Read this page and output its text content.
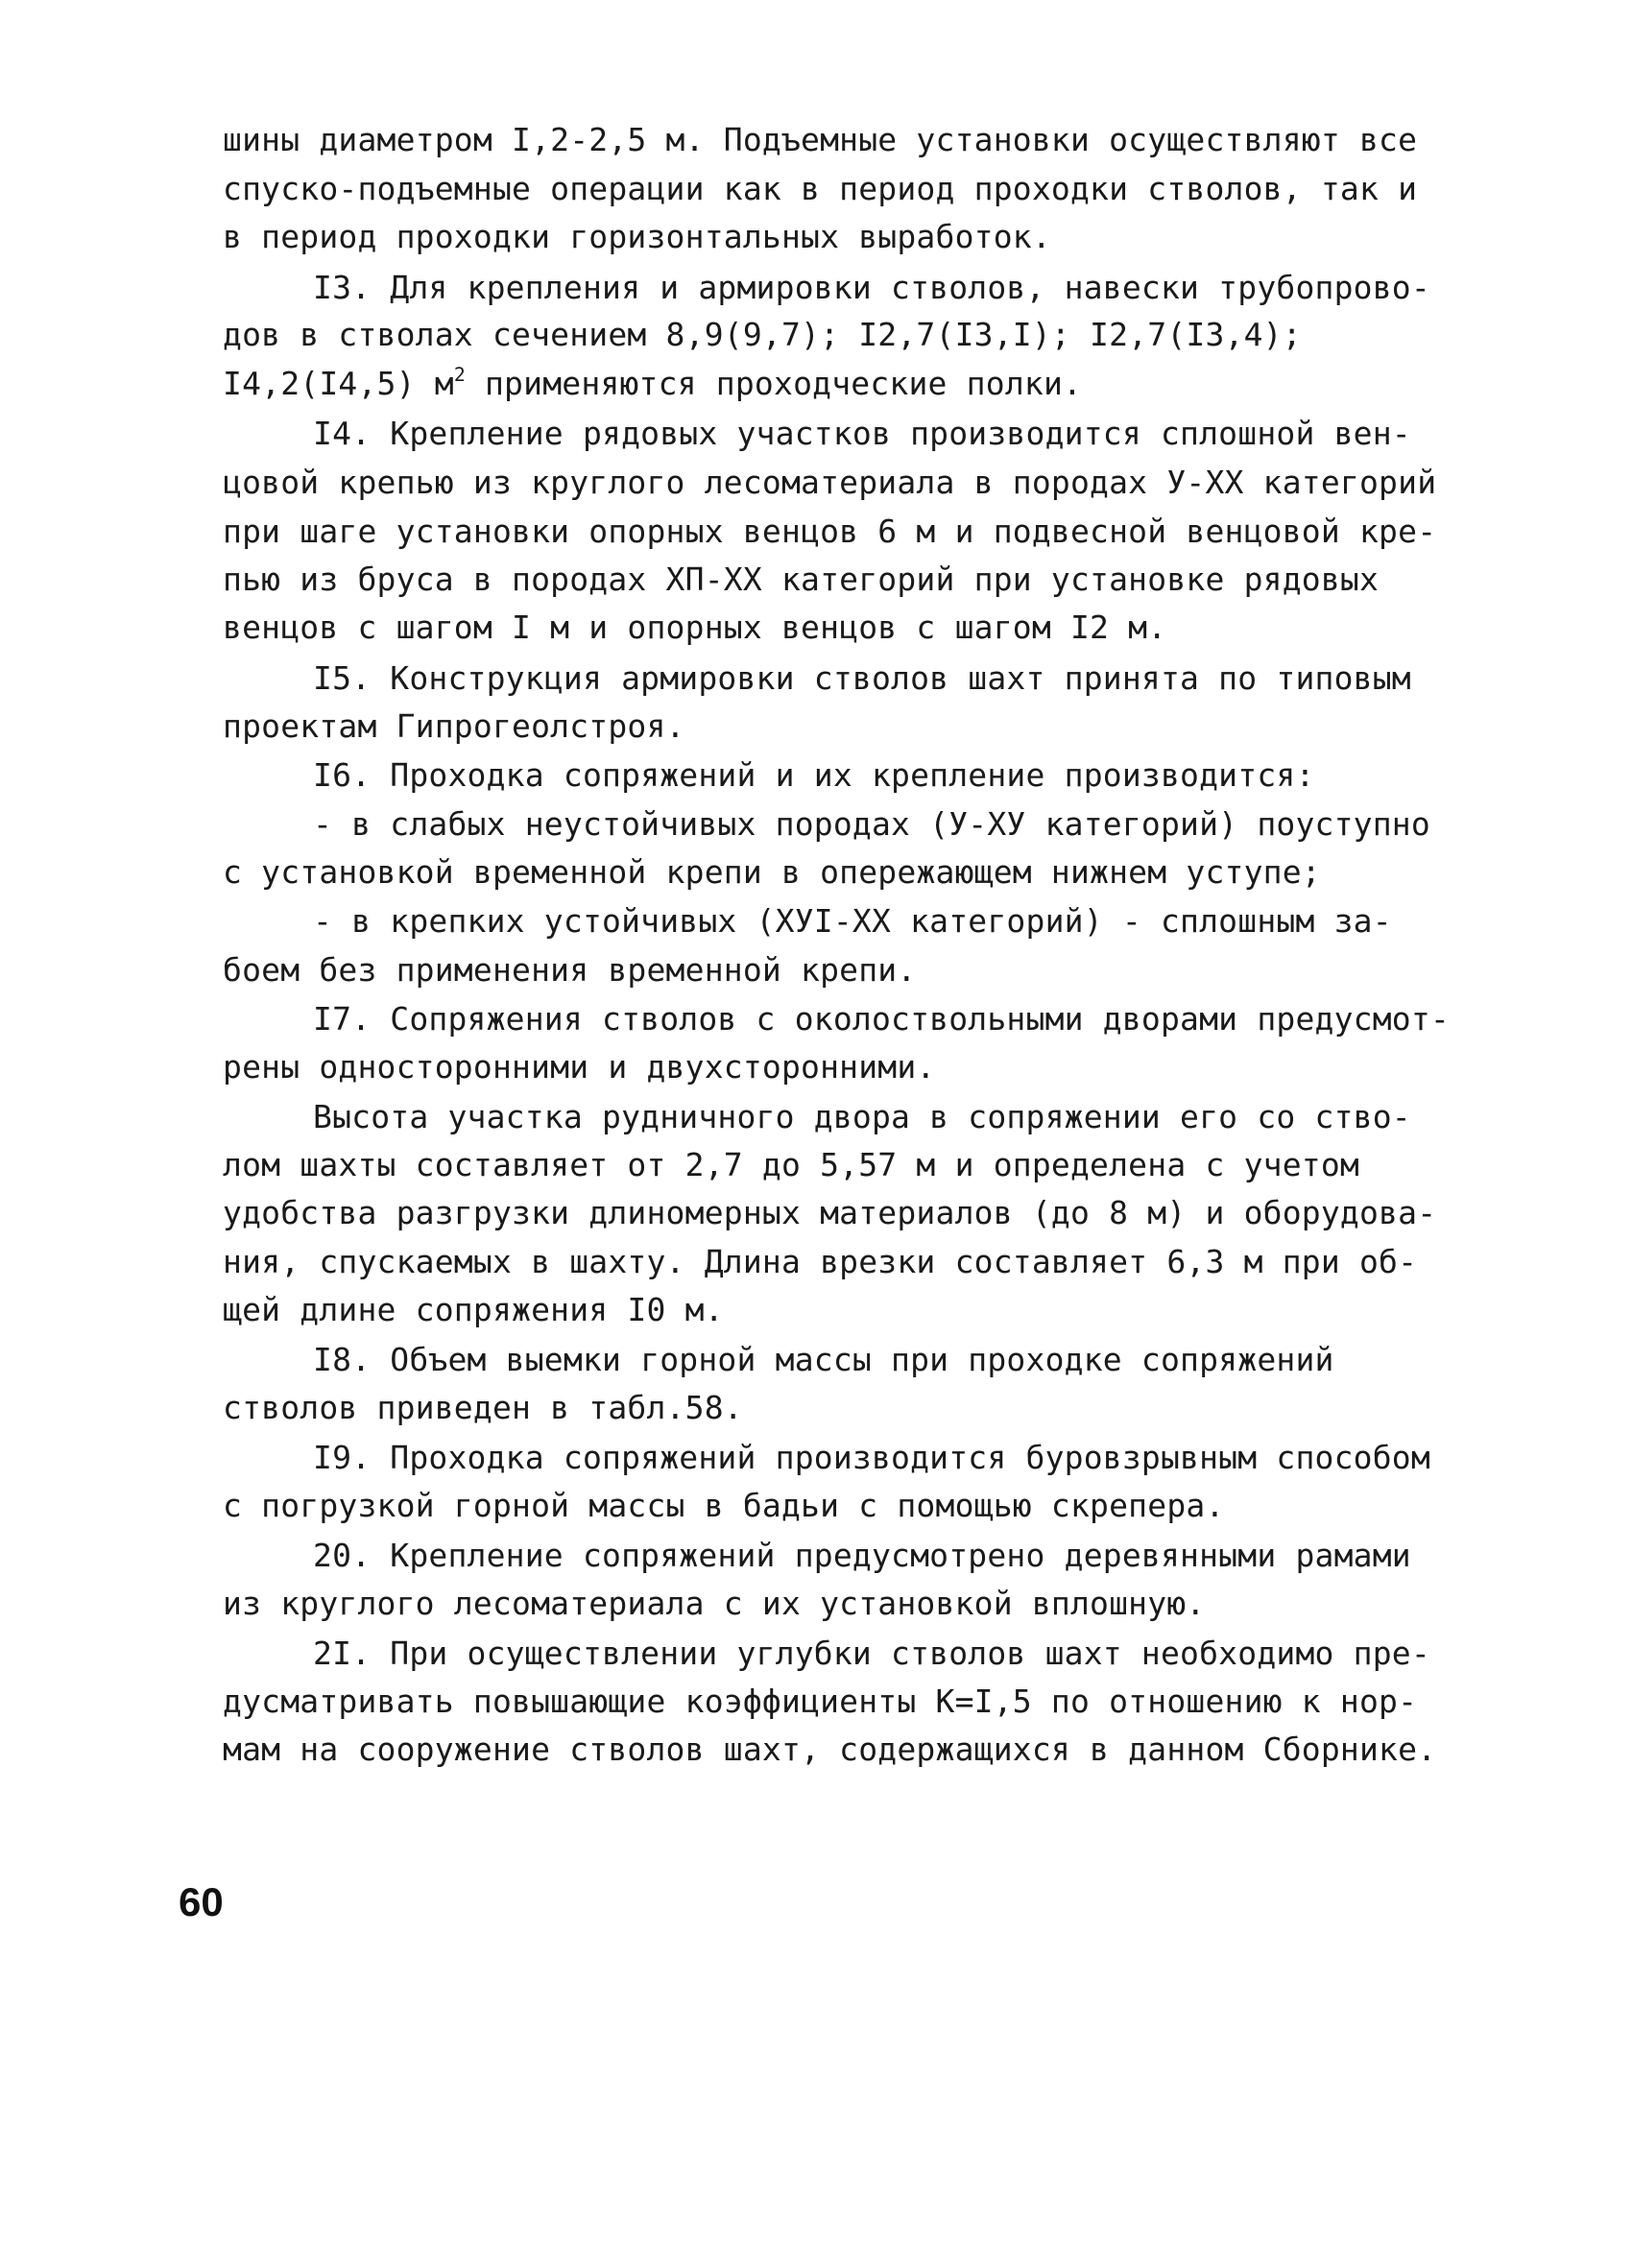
шины диаметром I,2-2,5 м. Подъемные установки осуществляют все
спуско-подъемные операции как в период проходки стволов, так и
в период проходки горизонтальных выработок.
I3. Для крепления и армировки стволов, навески трубопрово-
дов в стволах сечением 8,9(9,7); I2,7(I3,I); I2,7(I3,4);
I4,2(I4,5) $м^2$ применяются проходческие полки.
I4. Крепление рядовых участков производится сплошной вен-
цовой крепью из круглого лесоматериала в породах У-ХХ категорий
при шаге установки опорных венцов 6 м и подвесной венцовой кре-
пью из бруса в породах ХП-ХХ категорий при установке рядовых
венцов с шагом I м и опорных венцов с шагом I2 м.
I5. Конструкция армировки стволов шахт принята по типовым
проектам Гипрогеолстроя.
I6. Проходка сопряжений и их крепление производится:
- в слабых неустойчивых породах (У-ХУ категорий) поуступно
с установкой временной крепи в опережающем нижнем уступе;
- в крепких устойчивых (ХУI-ХХ категорий) - сплошным за-
боем без применения временной крепи.
I7. Сопряжения стволов с околоствольными дворами предусмот-
рены односторонними и двухсторонними.
Высота участка рудничного двора в сопряжении его со ство-
лом шахты составляет от 2,7 до 5,57 м и определена с учетом
удобства разгрузки длиномерных материалов (до 8 м) и оборудова-
ния, спускаемых в шахту. Длина врезки составляет 6,3 м при об-
щей длине сопряжения I0 м.
I8. Объем выемки горной массы при проходке сопряжений
стволов приведен в табл.58.
I9. Проходка сопряжений производится буровзрывным способом
с погрузкой горной массы в бадьи с помощью скрепера.
20. Крепление сопряжений предусмотрено деревянными рамами
из круглого лесоматериала с их установкой вплошную.
2I. При осуществлении углубки стволов шахт необходимо пре-
дусматривать повышающие коэффициенты К=I,5 по отношению к нор-
мам на сооружение стволов шахт, содержащихся в данном Сборнике.
60
